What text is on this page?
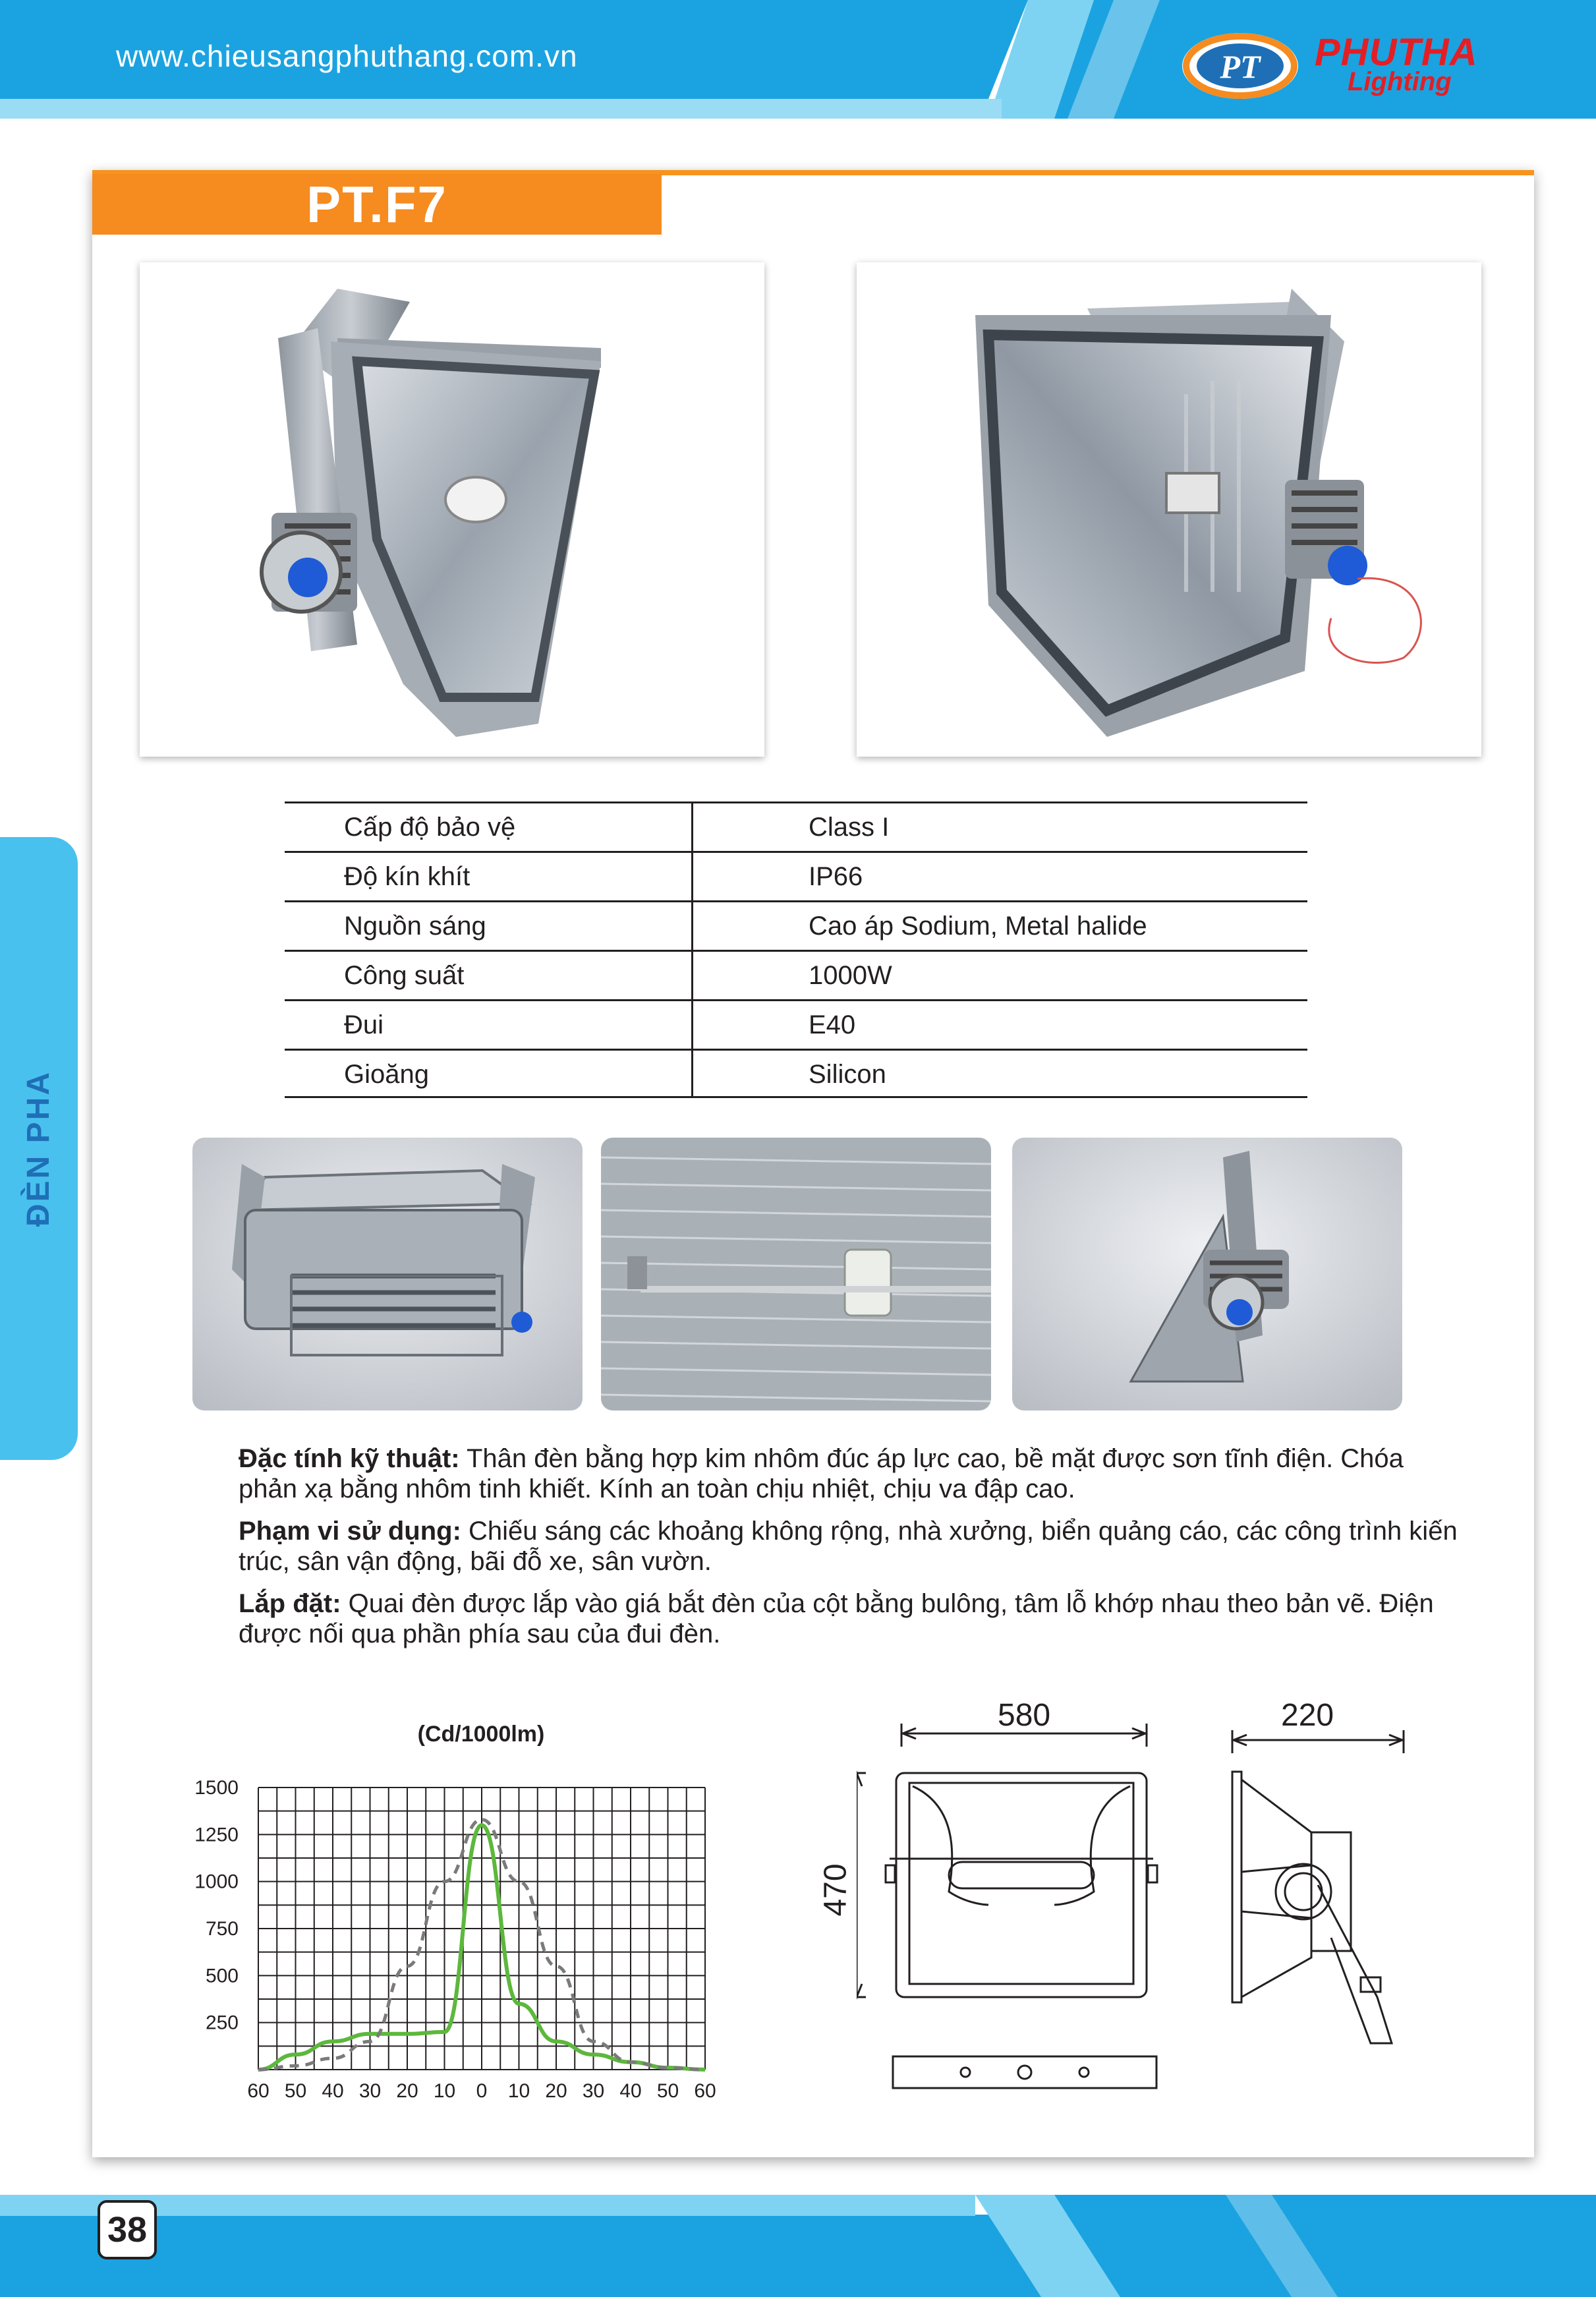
www.chieusangphuthang.com.vn	PT PHUTHA
Lighting
ĐÈN PHA
PT.F7
Cấp độ bảo vệ	Class I
Độ kín khít	IP66
Nguồn sáng	Cao áp Sodium, Metal halide
Công suất	1000W
Đui	E40
Gioăng	Silicon

Đặc tính kỹ thuật: Thân đèn bằng hợp kim nhôm đúc áp lực cao, bề mặt được sơn tĩnh điện. Chóa phản xạ bằng nhôm tinh khiết. Kính an toàn chịu nhiệt, chịu va đập cao.

Phạm vi sử dụng: Chiếu sáng các khoảng không rộng, nhà xưởng, biển quảng cáo, các công trình kiến trúc, sân vận động, bãi đỗ xe, sân vườn.

Lắp đặt: Quai đèn được lắp vào giá bắt đèn của cột bằng bulông, tâm lỗ khớp nhau theo bản vẽ. Điện được nối qua phần phía sau của đui đèn.

(Cd/1000lm)
250
500
750
1000
1250
1500
60 50 40 30 20 10 0 10 20 30 40 50 60
580
470
220
38
